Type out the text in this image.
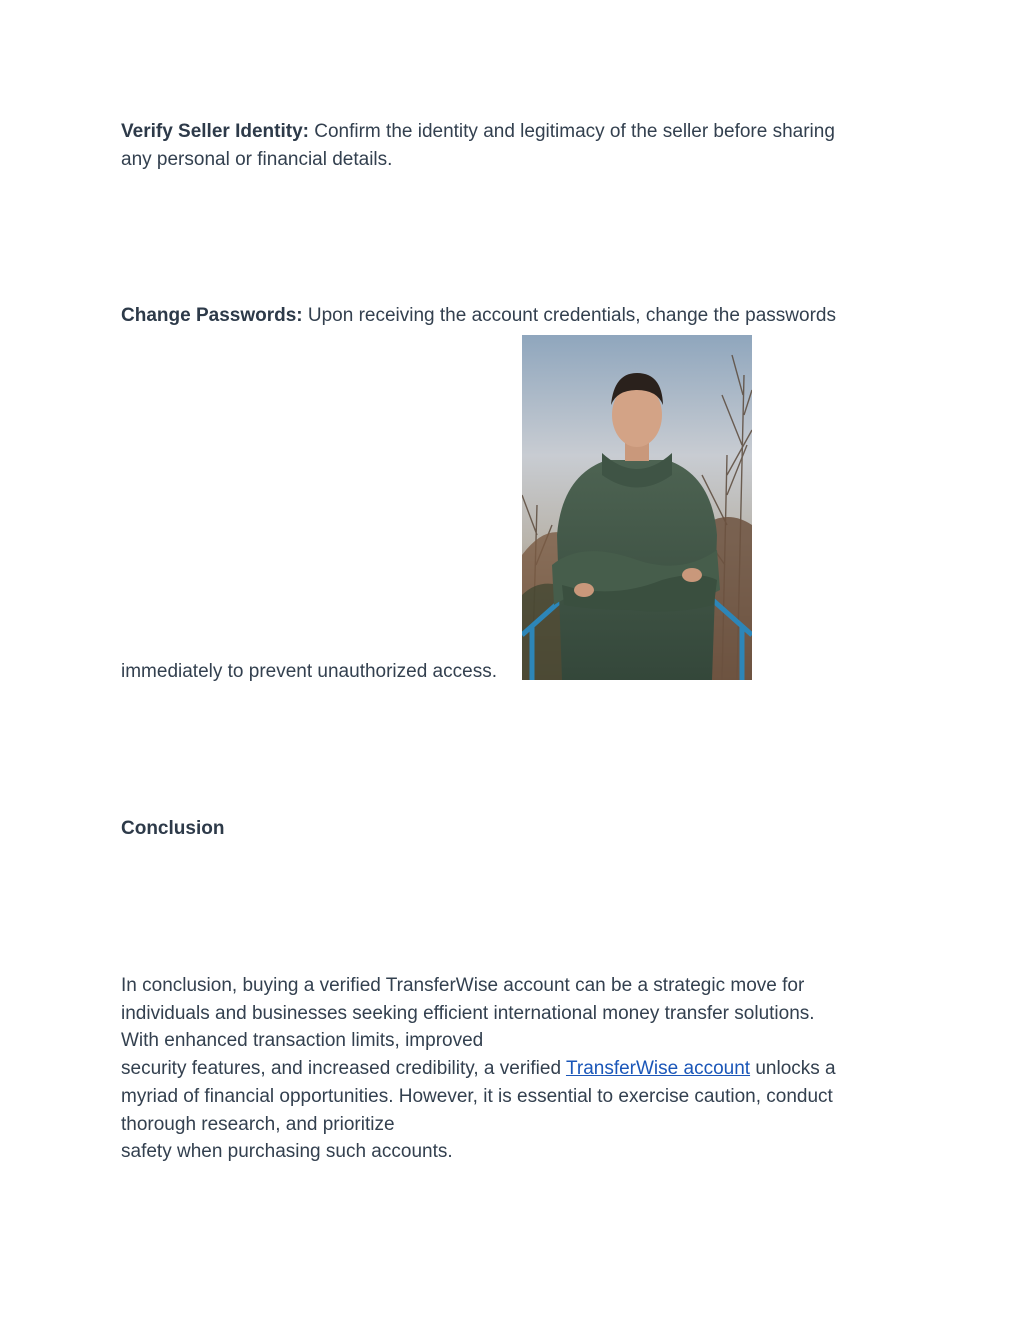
Verify Seller Identity: Confirm the identity and legitimacy of the seller before sharing
any personal or financial details.
Change Passwords: Upon receiving the account credentials, change the passwords
immediately to prevent unauthorized access.
Conclusion
In conclusion, buying a verified TransferWise account can be a strategic move for
individuals and businesses seeking efficient international money transfer solutions.
With enhanced transaction limits, improved
security features, and increased credibility, a verified TransferWise account unlocks a
myriad of financial opportunities. However, it is essential to exercise caution, conduct
thorough research, and prioritize
safety when purchasing such accounts.
